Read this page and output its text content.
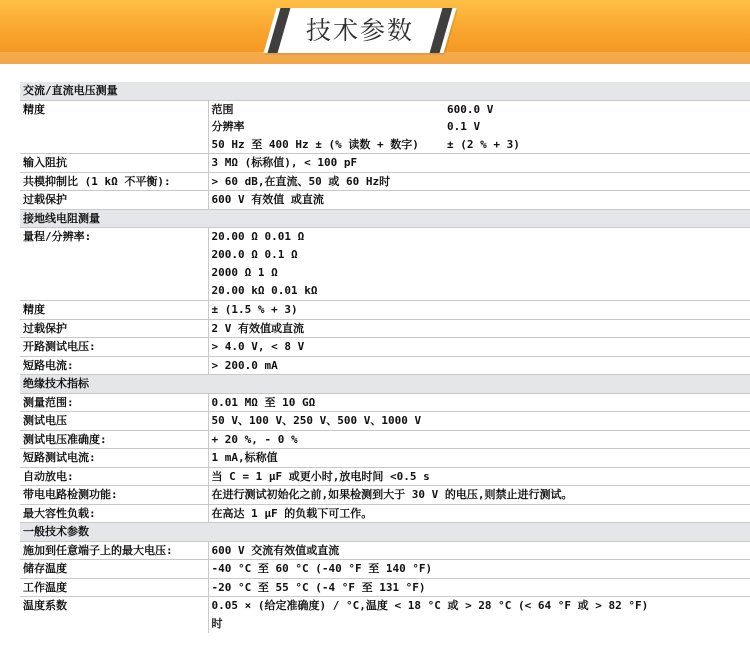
技术参数
交流/直流电压测量		
精度	范围	600.0 V
	分辨率	0.1 V
	50 Hz 至 400 Hz ± (% 读数 + 数字)	± (2 % + 3)
输入阻抗	3 MΩ (标称值), < 100 pF	
共模抑制比 (1 kΩ 不平衡):	> 60 dB,在直流、50 或 60 Hz时	
过载保护	600 V 有效值 或直流	
接地线电阻测量		
量程/分辨率:	20.00 Ω 0.01 Ω
200.0 Ω 0.1 Ω
2000 Ω 1 Ω
20.00 kΩ 0.01 kΩ	

精度	± (1.5 % + 3)	
过载保护	2 V 有效值或直流	
开路测试电压:	> 4.0 V, < 8 V	
短路电流:	> 200.0 mA	
绝缘技术指标		
测量范围:	0.01 MΩ 至 10 GΩ	
测试电压	50 V、100 V、250 V、500 V、1000 V	
测试电压准确度:	+ 20 %, - 0 %	
短路测试电流:	1 mA,标称值	
自动放电:	当 C = 1 μF 或更小时,放电时间 <0.5 s	
带电电路检测功能:	在进行测试初始化之前,如果检测到大于 30 V 的电压,则禁止进行测试。	
最大容性负载:	在高达 1 μF 的负载下可工作。	
一般技术参数		
施加到任意端子上的最大电压:	600 V 交流有效值或直流	
储存温度	-40 °C 至 60 °C (-40 °F 至 140 °F)	
工作温度	-20 °C 至 55 °C (-4 °F 至 131 °F)	
温度系数	0.05 × (给定准确度) / °C,温度 < 18 °C 或 > 28 °C (< 64 °F 或 > 82 °F)
时	
